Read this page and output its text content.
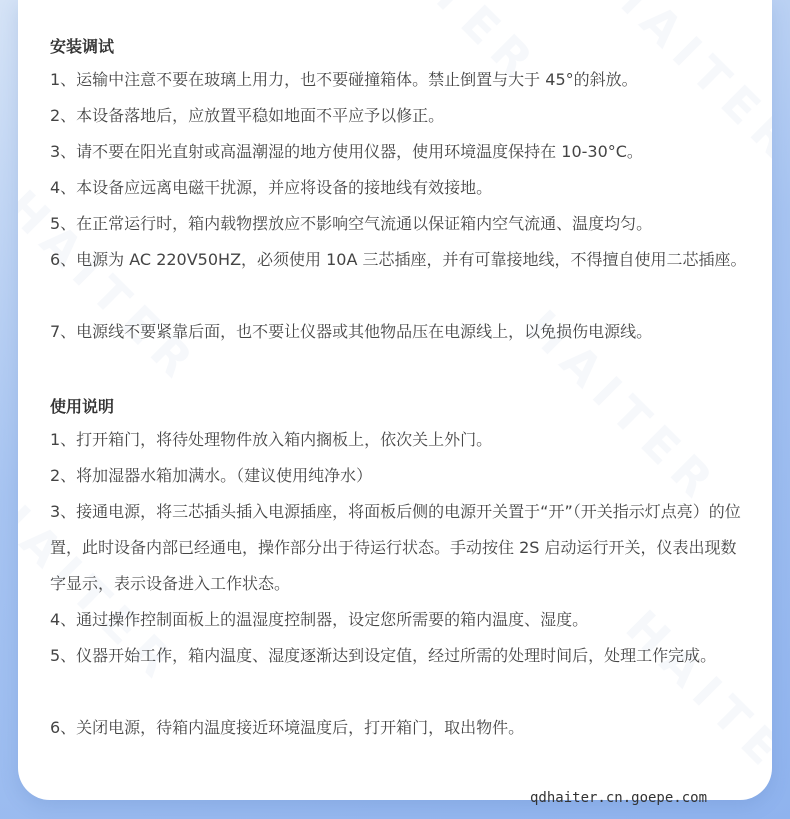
安装调试
1、运输中注意不要在玻璃上用力，也不要碰撞箱体。禁止倒置与大于 45°的斜放。
2、本设备落地后，应放置平稳如地面不平应予以修正。
3、请不要在阳光直射或高温潮湿的地方使用仪器，使用环境温度保持在 10-30°C。
4、本设备应远离电磁干扰源，并应将设备的接地线有效接地。
5、在正常运行时，箱内载物摆放应不影响空气流通以保证箱内空气流通、温度均匀。
6、电源为 AC 220V50HZ，必须使用 10A 三芯插座，并有可靠接地线，不得擅自使用二芯插座。
7、电源线不要紧靠后面，也不要让仪器或其他物品压在电源线上，以免损伤电源线。
使用说明
1、打开箱门，将待处理物件放入箱内搁板上，依次关上外门。
2、将加湿器水箱加满水。（建议使用纯净水）
3、接通电源，将三芯插头插入电源插座，将面板后侧的电源开关置于“开”（开关指示灯点亮）的位置，此时设备内部已经通电，操作部分出于待运行状态。手动按住 2S 启动运行开关，仪表出现数字显示，表示设备进入工作状态。
4、通过操作控制面板上的温湿度控制器，设定您所需要的箱内温度、湿度。
5、仪器开始工作，箱内温度、湿度逐渐达到设定值，经过所需的处理时间后，处理工作完成。
6、关闭电源，待箱内温度接近环境温度后，打开箱门，取出物件。
qdhaiter.cn.goepe.com
